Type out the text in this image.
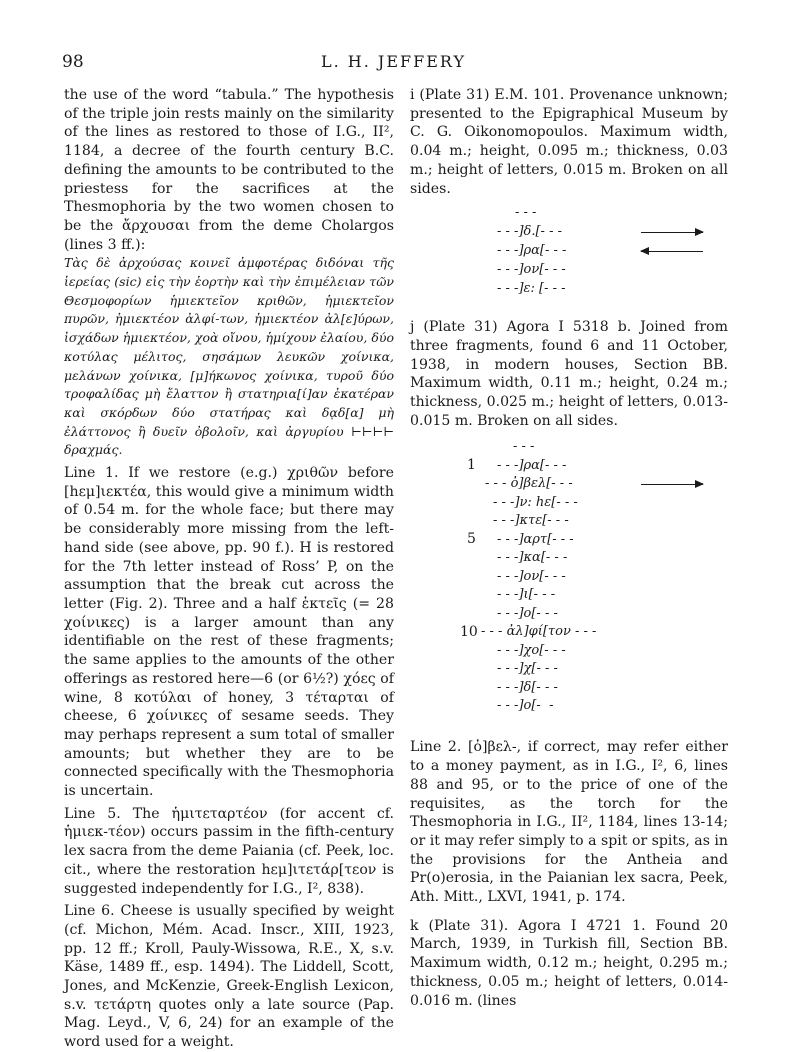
98	L. H. JEFFERY

the use of the word “tabula.” The hypothesis of the triple join rests mainly on the similarity of the lines as restored to those of I.G., II², 1184, a decree of the fourth century B.C. defining the amounts to be contributed to the priestess for the sacrifices at the Thesmophoria by the two women chosen to be the ἄρχουσαι from the deme Cholargos (lines 3 ff.):

Τὰς δὲ ἀρχούσας κοινεῖ ἀμφοτέρας διδόναι τῆς ἱερείας (sic) εἰς τὴν ἑορτὴν καὶ τὴν ἐπιμέλειαν τῶν Θεσμοφορίων ἡμιεκτεῖον κριθῶν, ἡμιεκτεῖον πυρῶν, ἡμιεκτέον ἀλφί-των, ἡμιεκτέον ἀλ[ε]ύρων, ἰσχάδων ἡμιεκτέον, χοὰ οἴνου, ἡμίχουν ἐλαίου, δύο κοτύλας μέλιτος, σησάμων λευκῶν χοίνικα, μελάνων χοίνικα, [μ]ήκωνος χοίνικα, τυροῦ δύο τροφαλίδας μὴ ἔλαττον ἢ στατηρια[ί]αν ἑκατέραν καὶ σκόρδων δύο στατήρας καὶ δᾳδ[α] μὴ ἐλάττονος ἢ δυεῖν ὀβολοῖν, καὶ ἀργυρίου ⊢⊢⊢⊢ δραχμάς.

Line 1. If we restore (e.g.) χριθῶν before [hεμ]ιεκτέα, this would give a minimum width of 0.54 m. for the whole face; but there may be considerably more missing from the left-hand side (see above, pp. 90 f.). H is restored for the 7th letter instead of Ross’ P, on the assumption that the break cut across the letter (Fig. 2). Three and a half ἑκτεῖς (= 28 χοίνικες) is a larger amount than any identifiable on the rest of these fragments; the same applies to the amounts of the other offerings as restored here—6 (or 6½?) χόες of wine, 8 κοτύλαι of honey, 3 τέταρται of cheese, 6 χοίνικες of sesame seeds. They may perhaps represent a sum total of smaller amounts; but whether they are to be connected specifically with the Thesmophoria is uncertain.

Line 5. The ἡμιτεταρτέον (for accent cf. ἡμιεκ-τέον) occurs passim in the fifth-century lex sacra from the deme Paiania (cf. Peek, loc. cit., where the restoration hεμ]ιτετάρ[τεον is suggested independently for I.G., I², 838).

Line 6. Cheese is usually specified by weight (cf. Michon, Mém. Acad. Inscr., XIII, 1923, pp. 12 ff.; Kroll, Pauly-Wissowa, R.E., X, s.v. Käse, 1489 ff., esp. 1494). The Liddell, Scott, Jones, and McKenzie, Greek-English Lexicon, s.v. τετάρτη quotes only a late source (Pap. Mag. Leyd., V, 6, 24) for an example of the word used for a weight.

i (Plate 31) E.M. 101. Provenance unknown; presented to the Epigraphical Museum by C. G. Oikonomopoulos. Maximum width, 0.04 m.; height, 0.095 m.; thickness, 0.03 m.; height of letters, 0.015 m. Broken on all sides.

- - -
- - -]δ.[- - -
- - -]ρα[- - -
- - -]ον[- - -
- - -]ε: [- - -

j (Plate 31) Agora I 5318 b. Joined from three fragments, found 6 and 11 October, 1938, in modern houses, Section BB. Maximum width, 0.11 m.; height, 0.24 m.; thickness, 0.025 m.; height of letters, 0.013-0.015 m. Broken on all sides.

1
5
10
- - -
- - -]ρα[- - -
- - - ὀ]βελ[- - -
- - -]ν: hε[- - -
- - -]κτε[- - -
- - -]αρτ[- - -
- - -]κα[- - -
- - -]ον[- - -
- - -]ι[- - -
- - -]ο[- - -
- - - ἀλ]φί[τον - - -
- - -]χο[- - -
- - -]χ[- - -
- - -]δ[- - -
- - -]ο[-  -

Line 2. [ὀ]βελ-, if correct, may refer either to a money payment, as in I.G., I², 6, lines 88 and 95, or to the price of one of the requisites, as the torch for the Thesmophoria in I.G., II², 1184, lines 13-14; or it may refer simply to a spit or spits, as in the provisions for the Antheia and Pr(o)erosia, in the Paianian lex sacra, Peek, Ath. Mitt., LXVI, 1941, p. 174.

k (Plate 31). Agora I 4721 1. Found 20 March, 1939, in Turkish fill, Section BB. Maximum width, 0.12 m.; height, 0.295 m.; thickness, 0.05 m.; height of letters, 0.014-0.016 m. (lines
